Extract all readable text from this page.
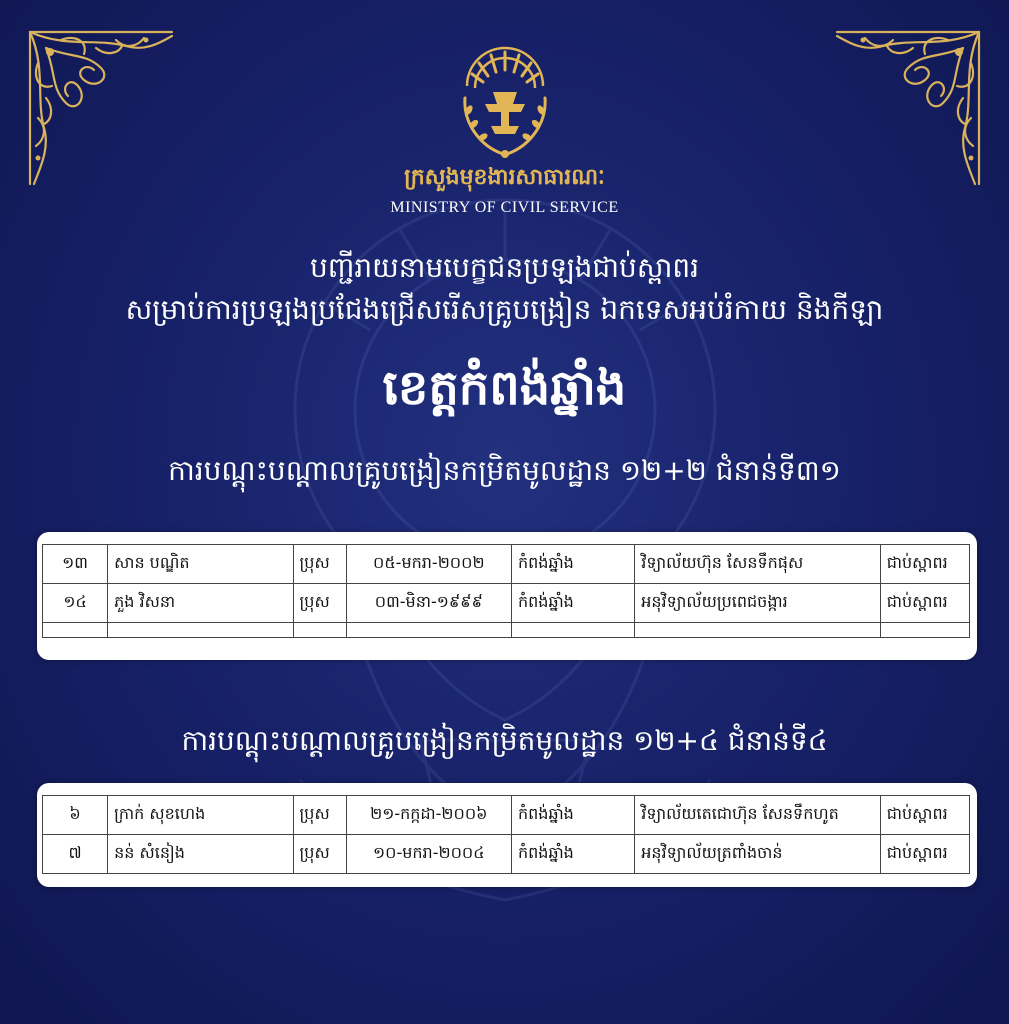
ក្រសួងមុខងារសាធារណៈ
MINISTRY OF CIVIL SERVICE
បញ្ជីរាយនាមបេក្ខជនប្រឡងជាប់ស្ពាពរ
សម្រាប់ការប្រឡងប្រជែងជ្រើសរើសគ្រូបង្រៀន ឯកទេសអប់រំកាយ និងកីឡា
ខេត្តកំពង់ឆ្នាំង
ការបណ្តុះបណ្តាលគ្រូបង្រៀនកម្រិតមូលដ្ឋាន ១២+២ ជំនាន់ទី៣១
១៣	សាន បណ្ឌិត	ប្រុស	០៥-មករា-២០០២	កំពង់ឆ្នាំង	វិទ្យាល័យហ៊ុន សែនទឹកផុស	ជាប់ស្ពាពរ
១៤	ភួង វិសនា	ប្រុស	០៣-មិនា-១៩៩៩	កំពង់ឆ្នាំង	អនុវិទ្យាល័យប្រពេជចង្ការ	ជាប់ស្ពាពរ

ការបណ្តុះបណ្តាលគ្រូបង្រៀនកម្រិតមូលដ្ឋាន ១២+៤ ជំនាន់ទី៤
៦	ក្រាក់ សុខហេង	ប្រុស	២១-កក្កដា-២០០៦	កំពង់ឆ្នាំង	វិទ្យាល័យតេជោហ៊ុន សែនទឹកហូត	ជាប់ស្ពាពរ
៧	នន់ សំនៀង	ប្រុស	១០-មករា-២០០៤	កំពង់ឆ្នាំង	អនុវិទ្យាល័យត្រពាំងចាន់	ជាប់ស្ពាពរ
